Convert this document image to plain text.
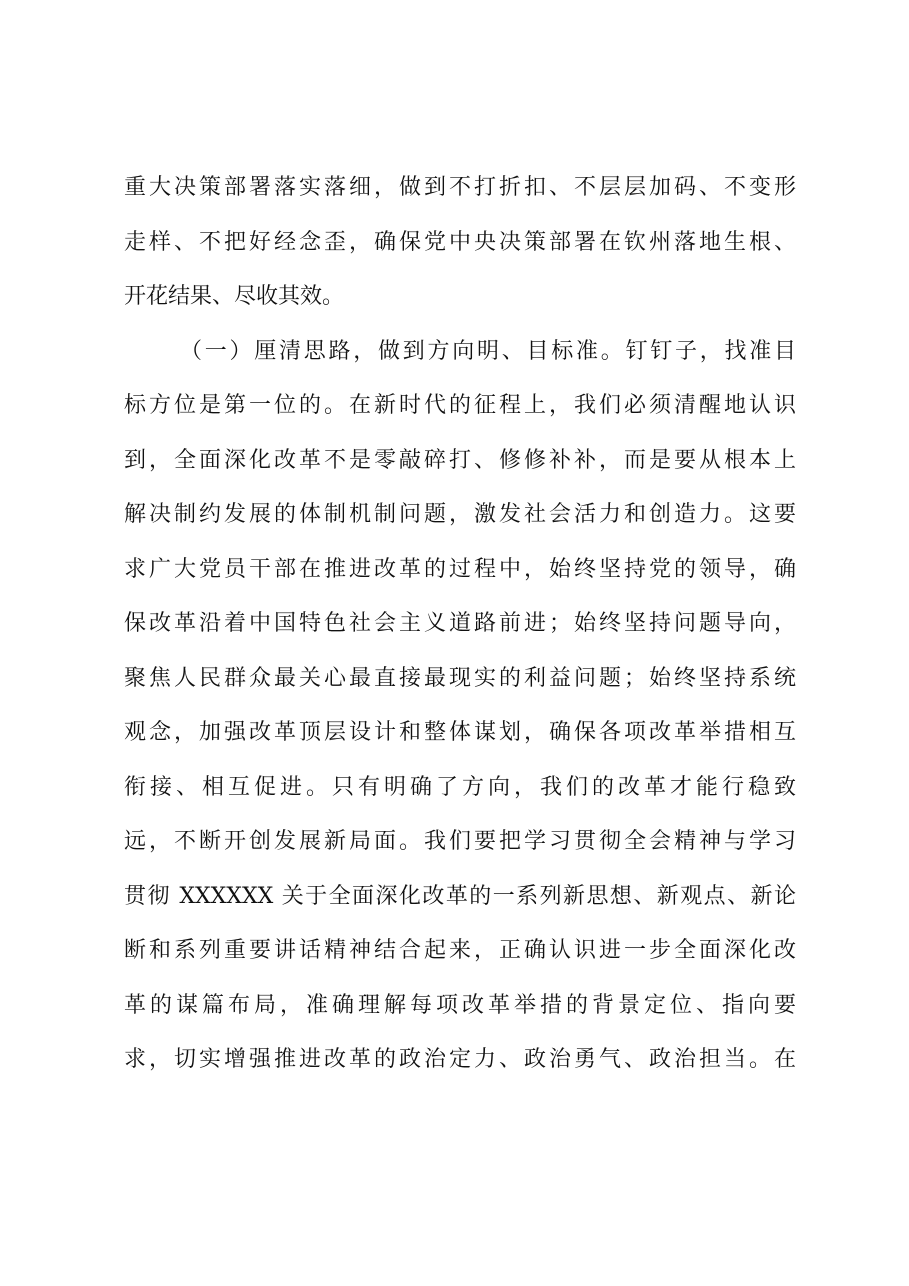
重大决策部署落实落细，做到不打折扣、不层层加码、不变形
走样、不把好经念歪，确保党中央决策部署在钦州落地生根、
开花结果、尽收其效。
（一）厘清思路，做到方向明、目标准。钉钉子，找准目
标方位是第一位的。在新时代的征程上，我们必须清醒地认识
到，全面深化改革不是零敲碎打、修修补补，而是要从根本上
解决制约发展的体制机制问题，激发社会活力和创造力。这要
求广大党员干部在推进改革的过程中，始终坚持党的领导，确
保改革沿着中国特色社会主义道路前进；始终坚持问题导向，
聚焦人民群众最关心最直接最现实的利益问题；始终坚持系统
观念，加强改革顶层设计和整体谋划，确保各项改革举措相互
衔接、相互促进。只有明确了方向，我们的改革才能行稳致
远，不断开创发展新局面。我们要把学习贯彻全会精神与学习
贯彻 XXXXXX 关于全面深化改革的一系列新思想、新观点、新论
断和系列重要讲话精神结合起来，正确认识进一步全面深化改
革的谋篇布局，准确理解每项改革举措的背景定位、指向要
求，切实增强推进改革的政治定力、政治勇气、政治担当。在
